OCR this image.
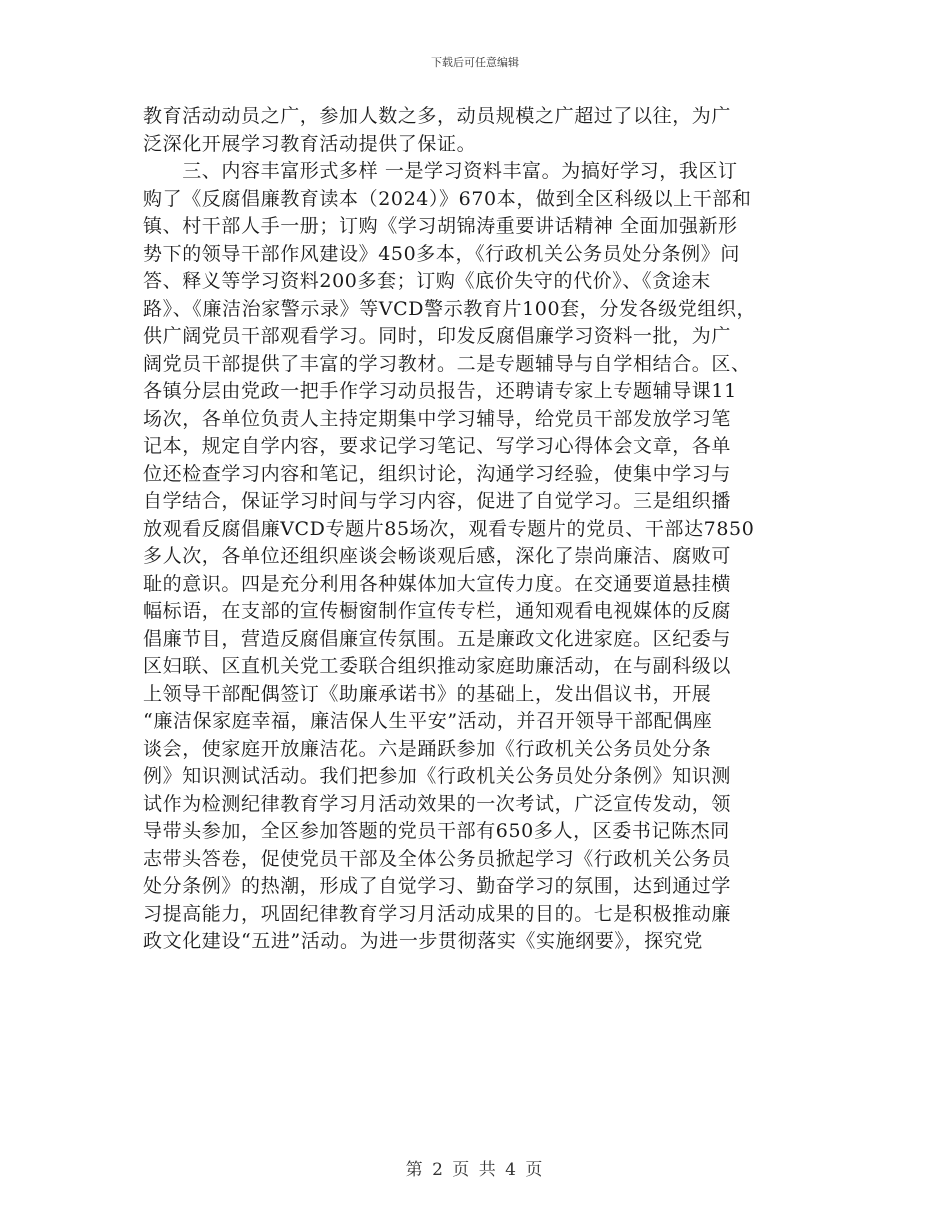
下载后可任意编辑
教育活动动员之广，参加人数之多，动员规模之广超过了以往，为广
泛深化开展学习教育活动提供了保证。
　　三、内容丰富形式多样 一是学习资料丰富。为搞好学习，我区订
购了《反腐倡廉教育读本（2024）》670本，做到全区科级以上干部和
镇、村干部人手一册；订购《学习胡锦涛重要讲话精神 全面加强新形
势下的领导干部作风建设》450多本，《行政机关公务员处分条例》问
答、释义等学习资料200多套；订购《底价失守的代价》、《贪途末
路》、《廉洁治家警示录》等VCD警示教育片100套，分发各级党组织，
供广阔党员干部观看学习。同时，印发反腐倡廉学习资料一批，为广
阔党员干部提供了丰富的学习教材。二是专题辅导与自学相结合。区、
各镇分层由党政一把手作学习动员报告，还聘请专家上专题辅导课11
场次，各单位负责人主持定期集中学习辅导，给党员干部发放学习笔
记本，规定自学内容，要求记学习笔记、写学习心得体会文章，各单
位还检查学习内容和笔记，组织讨论，沟通学习经验，使集中学习与
自学结合，保证学习时间与学习内容，促进了自觉学习。三是组织播
放观看反腐倡廉VCD专题片85场次，观看专题片的党员、干部达7850
多人次，各单位还组织座谈会畅谈观后感，深化了崇尚廉洁、腐败可
耻的意识。四是充分利用各种媒体加大宣传力度。在交通要道悬挂横
幅标语，在支部的宣传橱窗制作宣传专栏，通知观看电视媒体的反腐
倡廉节目，营造反腐倡廉宣传氛围。五是廉政文化进家庭。区纪委与
区妇联、区直机关党工委联合组织推动家庭助廉活动，在与副科级以
上领导干部配偶签订《助廉承诺书》的基础上，发出倡议书，开展
“廉洁保家庭幸福，廉洁保人生平安”活动，并召开领导干部配偶座
谈会，使家庭开放廉洁花。六是踊跃参加《行政机关公务员处分条
例》知识测试活动。我们把参加《行政机关公务员处分条例》知识测
试作为检测纪律教育学习月活动效果的一次考试，广泛宣传发动，领
导带头参加，全区参加答题的党员干部有650多人，区委书记陈杰同
志带头答卷，促使党员干部及全体公务员掀起学习《行政机关公务员
处分条例》的热潮，形成了自觉学习、勤奋学习的氛围，达到通过学
习提高能力，巩固纪律教育学习月活动成果的目的。七是积极推动廉
政文化建设“五进”活动。为进一步贯彻落实《实施纲要》，探究党
第 2 页 共 4 页
